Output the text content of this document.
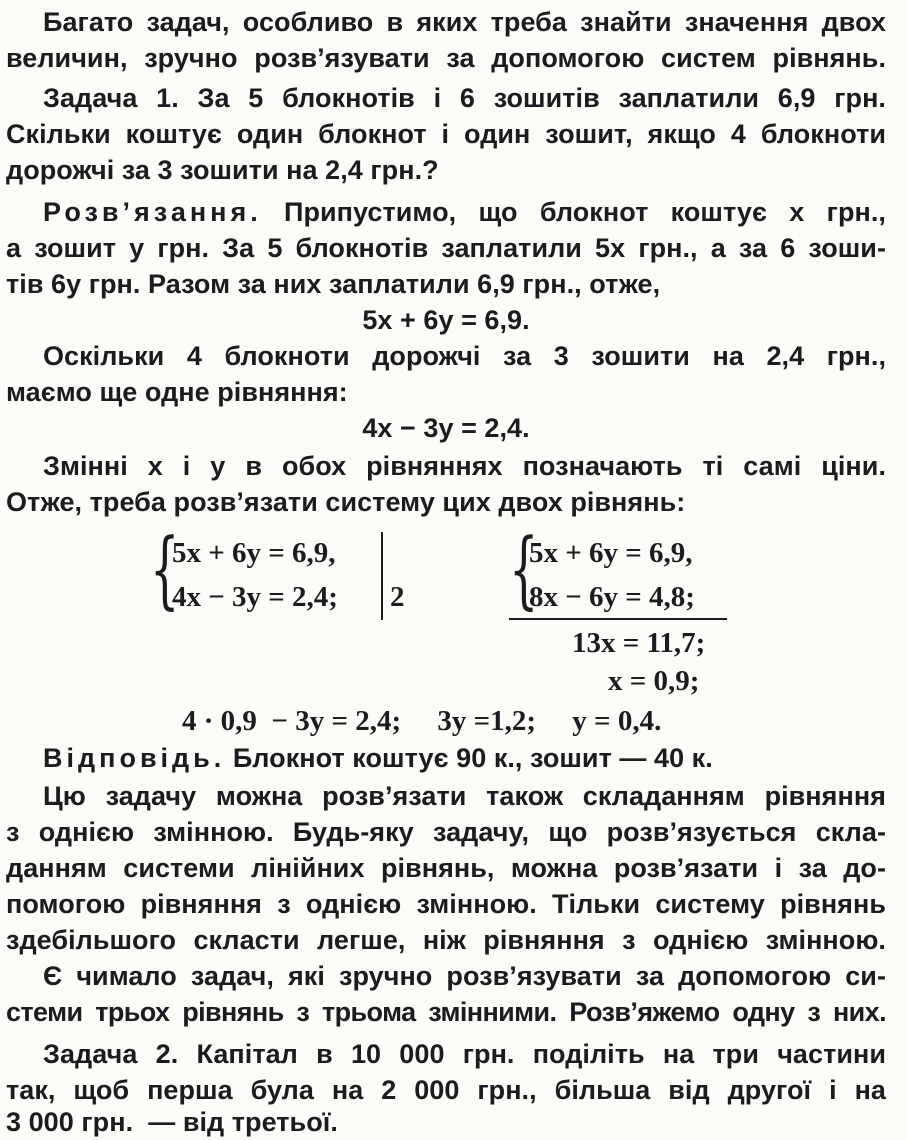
Багато задач, особливо в яких треба знайти значення двох
величин, зручно розв’язувати за допомогою систем рівнянь.
Задача 1. За 5 блокнотів і 6 зошитів заплатили 6,9 грн.
Скільки коштує один блокнот і один зошит, якщо 4 блокноти
дорожчі за 3 зошити на 2,4 грн.?
Розв’язання. Припустимо, що блокнот коштує x грн.,
а зошит y грн. За 5 блокнотів заплатили 5x грн., а за 6 зоши-
тів 6y грн. Разом за них заплатили 6,9 грн., отже,
5x + 6y = 6,9.
Оскільки 4 блокноти дорожчі за 3 зошити на 2,4 грн.,
маємо ще одне рівняння:
4x − 3y = 2,4.
Змінні x і y в обох рівняннях позначають ті самі ціни.
Отже, треба розв’язати систему цих двох рівнянь:
{
5x + 6y = 6,9,
4x − 3y = 2,4; 2 {
5x + 6y = 6,9,
8x − 6y = 4,8;
13x = 11,7;
x = 0,9;
4 · 0,9  − 3y = 2,4;     3y =1,2;     y = 0,4.
Відповідь. Блокнот коштує 90 к., зошит — 40 к.
Цю задачу можна розв’язати також складанням рівняння
з однією змінною. Будь-яку задачу, що розв’язується скла-
данням системи лінійних рівнянь, можна розв’язати і за до-
помогою рівняння з однією змінною. Тільки систему рівнянь
здебільшого скласти легше, ніж рівняння з однією змінною.
Є чимало задач, які зручно розв’язувати за допомогою си-
стеми трьох рівнянь з трьома змінними. Розв’яжемо одну з них.
Задача 2. Капітал в 10 000 грн. поділіть на три частини
так, щоб перша була на 2 000 грн., більша від другої і на
3 000 грн.  — від третьої.
